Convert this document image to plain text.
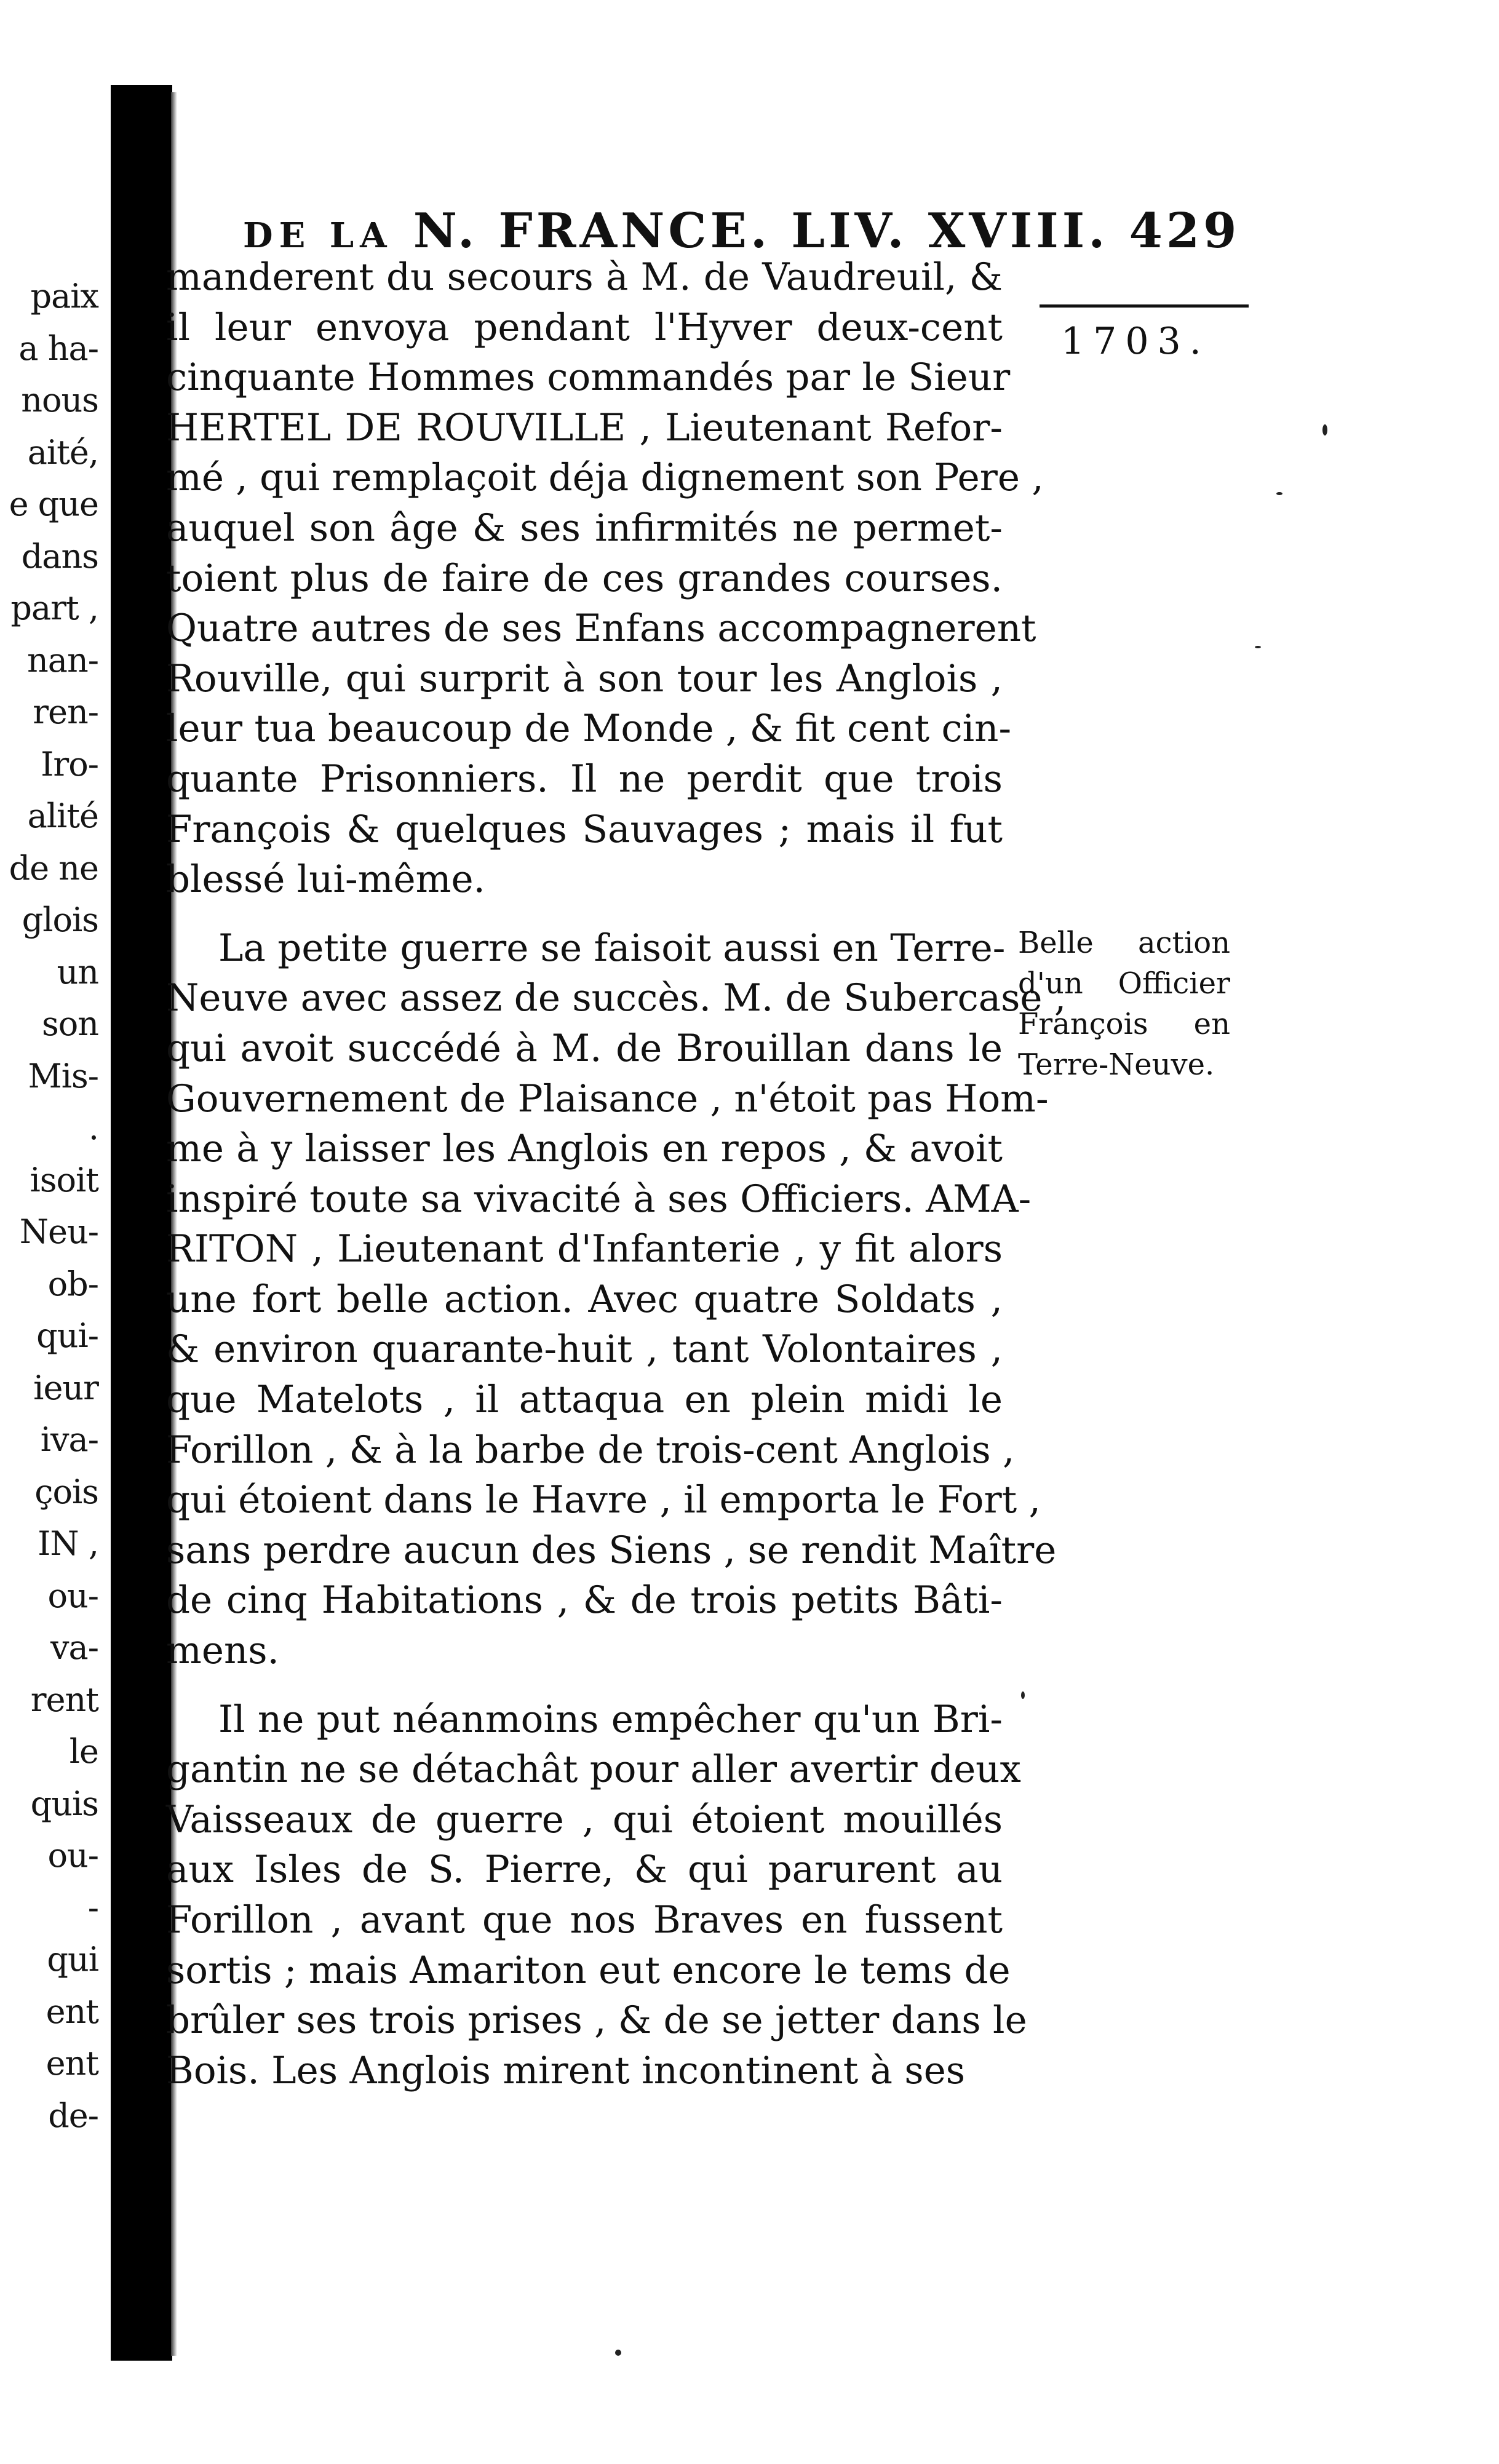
paix
a ha-
nous
aité,
e que
dans
part ,
nan-
ren-
Iro-
alité
de ne
glois
un
son
Mis-
.
isoit
Neu-
ob-
qui-
ieur
iva-
çois
IN ,
ou-
va-
rent
le
quis
ou-
-
qui
ent
ent
de-
DE LA N. FRANCE. LIV. XVIII. 429
1703.
manderent du secours à M. de Vaudreuil, &
il leur envoya pendant l'Hyver deux-cent
cinquante Hommes commandés par le Sieur
HERTEL DE ROUVILLE , Lieutenant Refor-
mé , qui remplaçoit déja dignement son Pere ,
auquel son âge & ses infirmités ne permet-
toient plus de faire de ces grandes courses.
Quatre autres de ses Enfans accompagnerent
Rouville, qui surprit à son tour les Anglois ,
leur tua beaucoup de Monde , & fit cent cin-
quante Prisonniers. Il ne perdit que trois
François & quelques Sauvages ; mais il fut
blessé lui-même.
La petite guerre se faisoit aussi en Terre-
Neuve avec assez de succès. M. de Subercase ,
qui avoit succédé à M. de Brouillan dans le
Gouvernement de Plaisance , n'étoit pas Hom-
me à y laisser les Anglois en repos , & avoit
inspiré toute sa vivacité à ses Officiers. AMA-
RITON , Lieutenant d'Infanterie , y fit alors
une fort belle action. Avec quatre Soldats ,
& environ quarante-huit , tant Volontaires ,
que Matelots , il attaqua en plein midi le
Forillon , & à la barbe de trois-cent Anglois ,
qui étoient dans le Havre , il emporta le Fort ,
sans perdre aucun des Siens , se rendit Maître
de cinq Habitations , & de trois petits Bâti-
mens.
Il ne put néanmoins empêcher qu'un Bri-
gantin ne se détachât pour aller avertir deux
Vaisseaux de guerre , qui étoient mouillés
aux Isles de S. Pierre, & qui parurent au
Forillon , avant que nos Braves en fussent
sortis ; mais Amariton eut encore le tems de
brûler ses trois prises , & de se jetter dans le
Bois. Les Anglois mirent incontinent à ses
Belle action
d'un Officier
François en
Terre-Neuve.
